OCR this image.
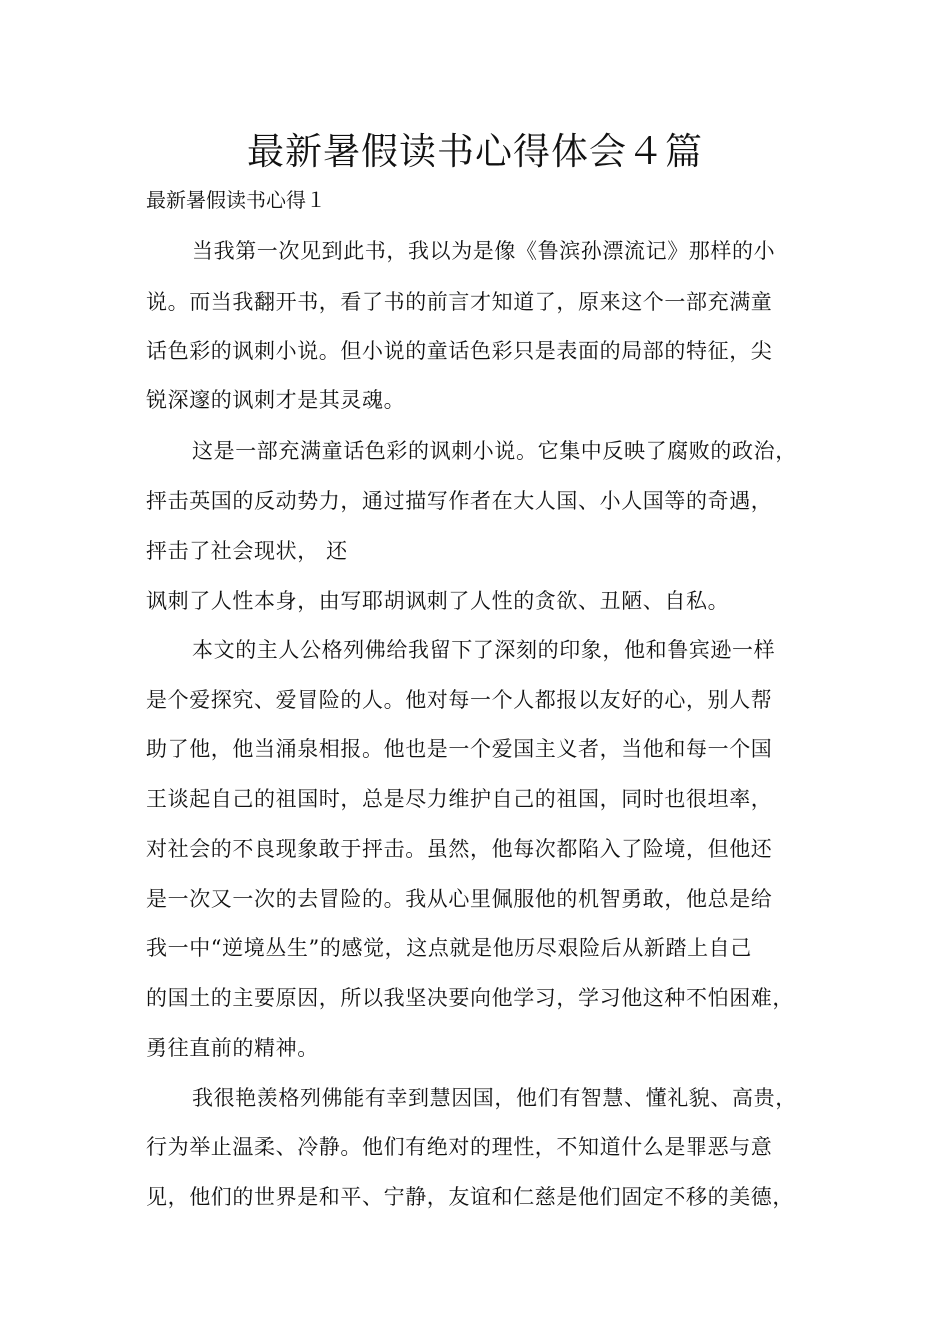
最新暑假读书心得体会４篇
最新暑假读书心得１
当我第一次见到此书，我以为是像《鲁滨孙漂流记》那样的小
说。而当我翻开书，看了书的前言才知道了，原来这个一部充满童
话色彩的讽刺小说。但小说的童话色彩只是表面的局部的特征，尖
锐深邃的讽刺才是其灵魂。
这是一部充满童话色彩的讽刺小说。它集中反映了腐败的政治，
抨击英国的反动势力，通过描写作者在大人国、小人国等的奇遇，
抨击了社会现状， 还
讽刺了人性本身，由写耶胡讽刺了人性的贪欲、丑陋、自私。
本文的主人公格列佛给我留下了深刻的印象，他和鲁宾逊一样
是个爱探究、爱冒险的人。他对每一个人都报以友好的心，别人帮
助了他，他当涌泉相报。他也是一个爱国主义者，当他和每一个国
王谈起自己的祖国时，总是尽力维护自己的祖国，同时也很坦率，
对社会的不良现象敢于抨击。虽然，他每次都陷入了险境，但他还
是一次又一次的去冒险的。我从心里佩服他的机智勇敢，他总是给
我一中“逆境丛生”的感觉，这点就是他历尽艰险后从新踏上自己
的国土的主要原因，所以我坚决要向他学习，学习他这种不怕困难，
勇往直前的精神。
我很艳羡格列佛能有幸到慧因国，他们有智慧、懂礼貌、高贵，
行为举止温柔、冷静。他们有绝对的理性，不知道什么是罪恶与意
见，他们的世界是和平、宁静，友谊和仁慈是他们固定不移的美德，
